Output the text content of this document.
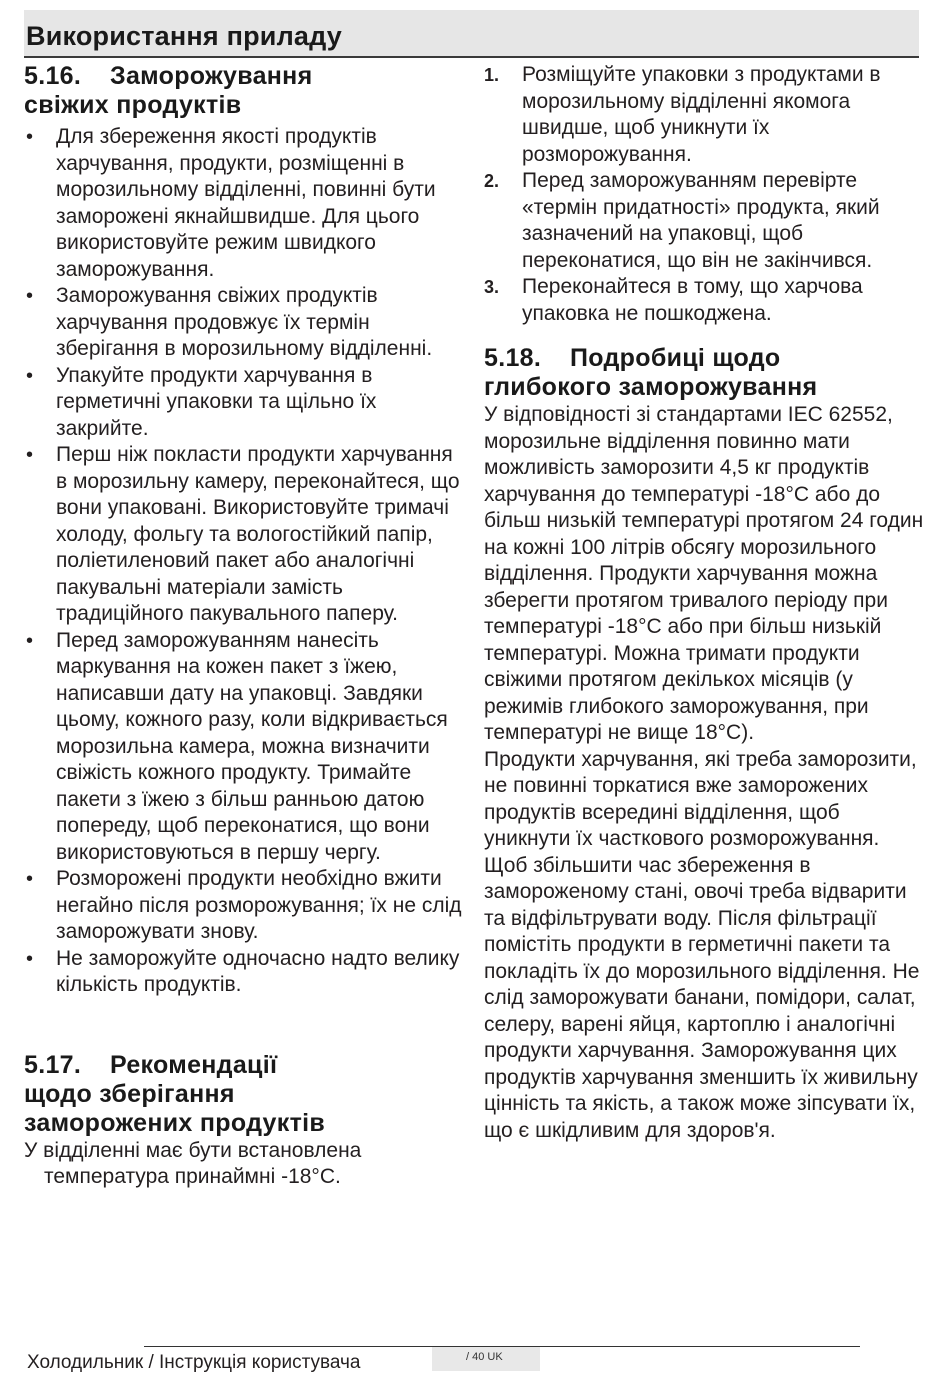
Використання приладу
5.16. Заморожування
свіжих продуктів
• Для збереження якості продуктів харчування, продукти, розміщенні в морозильному відділенні, повинні бути заморожені якнайшвидше. Для цього використовуйте режим швидкого заморожування.
• Заморожування свіжих продуктів харчування продовжує їх термін зберігання в морозильному відділенні.
• Упакуйте продукти харчування в герметичні упаковки та щільно їх закрийте.
• Перш ніж покласти продукти харчування в морозильну камеру, переконайтеся, що вони упаковані. Використовуйте тримачі холоду, фольгу та вологостійкий папір, поліетиленовий пакет або аналогічні пакувальні матеріали замість традиційного пакувального паперу.
• Перед заморожуванням нанесіть маркування на кожен пакет з їжею, написавши дату на упаковці. Завдяки цьому, кожного разу, коли відкривається морозильна камера, можна визначити свіжість кожного продукту. Тримайте пакети з їжею з більш ранньою датою попереду, щоб переконатися, що вони використовуються в першу чергу.
• Розморожені продукти необхідно вжити негайно після розморожування; їх не слід заморожувати знову.
• Не заморожуйте одночасно надто велику кількість продуктів.
5.17. Рекомендації
щодо зберігання
заморожених продуктів

У відділенні має бути встановлена температура принаймні -18°С.

1. Розміщуйте упаковки з продуктами в морозильному відділенні якомога швидше, щоб уникнути їх розморожування.
2. Перед заморожуванням перевірте «термін придатності» продукта, який зазначений на упаковці, щоб переконатися, що він не закінчився.
3. Переконайтеся в тому, що харчова упаковка не пошкоджена.
5.18. Подробиці щодо
глибокого заморожування

У відповідності зі стандартами IEC 62552, морозильне відділення повинно мати можливість заморозити 4,5 кг продуктів харчування до температурі -18°С або до більш низькій температурі протягом 24 годин на кожні 100 літрів обсягу морозильного відділення. Продукти харчування можна зберегти протягом тривалого періоду при температурі -18°С або при більш низькій температурі. Можна тримати продукти свіжими протягом декількох місяців (у режимів глибокого заморожування, при температурі не вище 18°С).

Продукти харчування, які треба заморозити, не повинні торкатися вже заморожених продуктів всередині відділення, щоб уникнути їх часткового розморожування.

Щоб збільшити час збереження в замороженому стані, овочі треба відварити та відфільтрувати воду. Після фільтрації помістіть продукти в герметичні пакети та покладіть їх до морозильного відділення. Не слід заморожувати банани, помідори, салат, селеру, варені яйця, картоплю і аналогічні продукти харчування. Заморожування цих продуктів харчування зменшить їх живильну цінність та якість, а також може зіпсувати їх, що є шкідливим для здоров'я.

Холодильник / Інструкція користувача	/ 40 UK
